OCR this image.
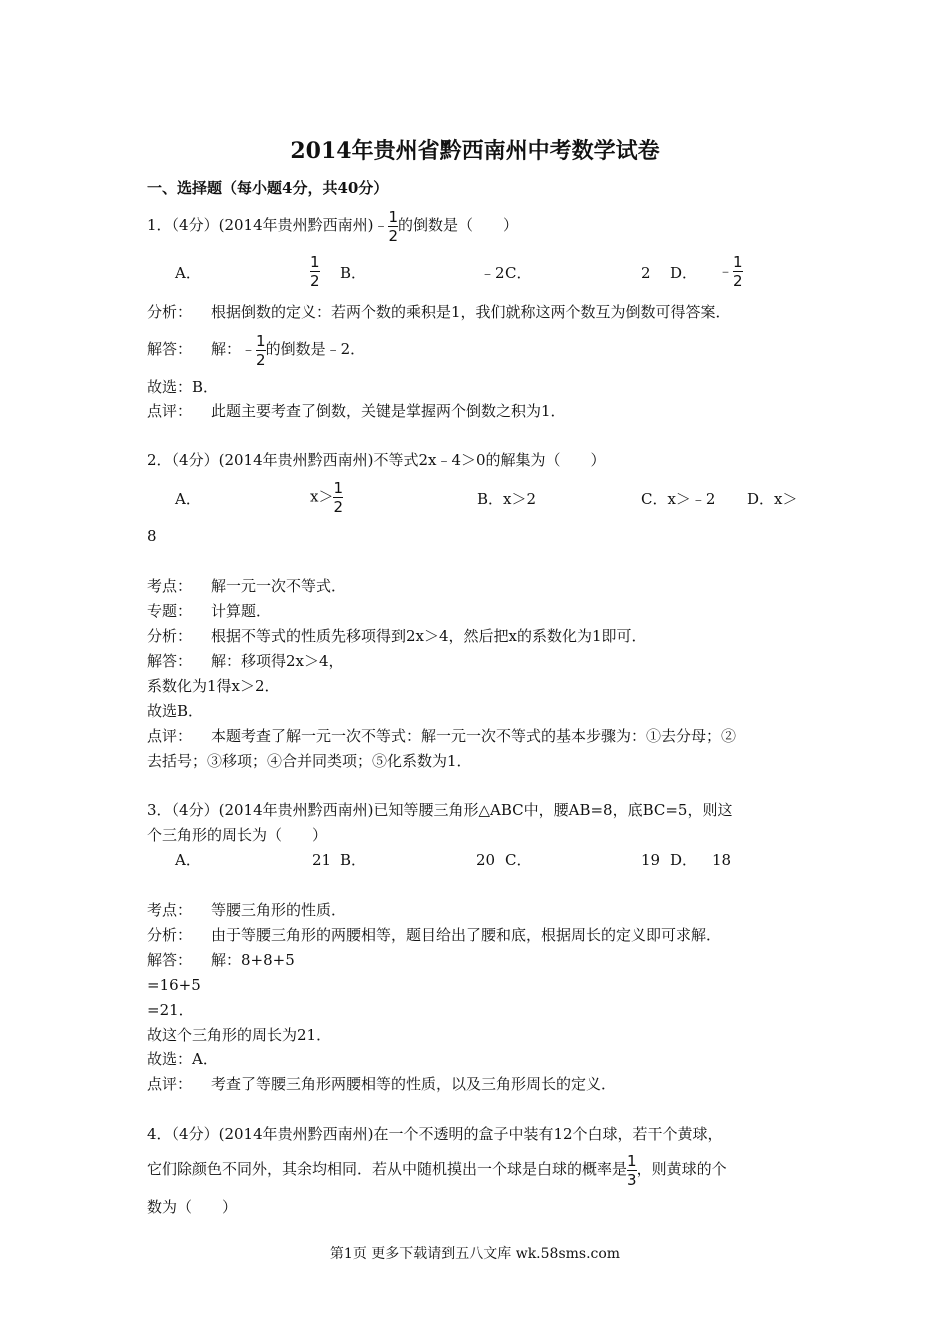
2014年贵州省黔西南州中考数学试卷
一、选择题（每小题4分，共40分）
1．（4分）(2014年贵州黔西南州)﹣ $\frac{1}{2}$ 的倒数是（　　）
A．	$\frac{1}{2}$ B．	﹣2 C．	2 D． ﹣ $\frac{1}{2}$
分析： 根据倒数的定义：若两个数的乘积是1，我们就称这两个数互为倒数可得答案．
解答： 解：﹣ $\frac{1}{2}$ 的倒数是﹣2．
故选：B．
点评： 此题主要考查了倒数，关键是掌握两个倒数之积为1．
2．（4分）(2014年贵州黔西南州)不等式2x﹣4＞0的解集为（　　）
A．	$x> \frac{1}{2}$	B．x＞2	C．x＞﹣2 D．x＞
8
考点： 解一元一次不等式．
专题： 计算题．
分析： 根据不等式的性质先移项得到2x＞4，然后把x的系数化为1即可．
解答： 解：移项得2x＞4，
系数化为1得x＞2．
故选B．
点评： 本题考查了解一元一次不等式：解一元一次不等式的基本步骤为：①去分母；②
去括号；③移项；④合并同类项；⑤化系数为1．
3．（4分）(2014年贵州黔西南州)已知等腰三角形△ABC中，腰AB=8，底BC=5，则这
个三角形的周长为（　　）
A．	21 B．	20 C．	19 D． 18
考点： 等腰三角形的性质．
分析： 由于等腰三角形的两腰相等，题目给出了腰和底，根据周长的定义即可求解．
解答： 解：8+8+5
=16+5
=21．
故这个三角形的周长为21．
故选：A．
点评： 考查了等腰三角形两腰相等的性质，以及三角形周长的定义．
4．（4分）(2014年贵州黔西南州)在一个不透明的盒子中装有12个白球，若干个黄球，
它们除颜色不同外，其余均相同．若从中随机摸出一个球是白球的概率是 $\frac{1}{3}$ ，则黄球的个
数为（　　）
第1页 更多下载请到五八文库 wk.58sms.com
